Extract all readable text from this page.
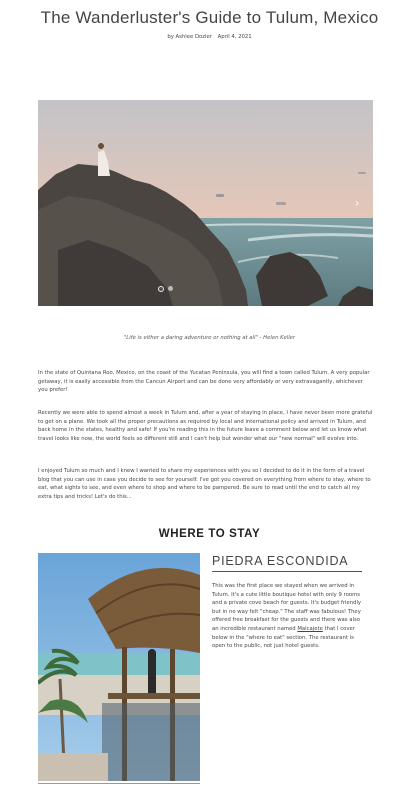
The Wanderluster's Guide to Tulum, Mexico
by Ashlee Dozier April 4, 2021
›
"Life is either a daring adventure or nothing at all" - Helen Keller

In the state of Quintana Roo, Mexico, on the coast of the Yucatan Peninsula, you will find a town called Tulum. A very popular getaway, it is easily accessible from the Cancun Airport and can be done very affordably or very extravagantly, whichever you prefer!

Recently we were able to spend almost a week in Tulum and, after a year of staying in place, I have never been more grateful to get on a plane. We took all the proper precautions as required by local and international policy and arrived in Tulum, and back home in the states, healthy and safe! If you're reading this in the future leave a comment below and let us know what travel looks like now, the world feels so different still and I can't help but wonder what our "new normal" will evolve into.

I enjoyed Tulum so much and I knew I wanted to share my experiences with you so I decided to do it in the form of a travel blog that you can use in case you decide to see for yourself. I've got you covered on everything from where to stay, where to eat, what sights to see, and even where to shop and where to be pampered. Be sure to read until the end to catch all my extra tips and tricks! Let's do this...

WHERE TO STAY
PIEDRA ESCONDIDA

This was the first place we stayed when we arrived in Tulum. It's a cute little boutique hotel with only 9 rooms and a private cove beach for guests. It's budget friendly but in no way felt "cheap." The staff was fabulous! They offered free breakfast for the guests and there was also an incredible restaurant named Malcajete that I cover below in the "where to eat" section. The restaurant is open to the public, not just hotel guests.
